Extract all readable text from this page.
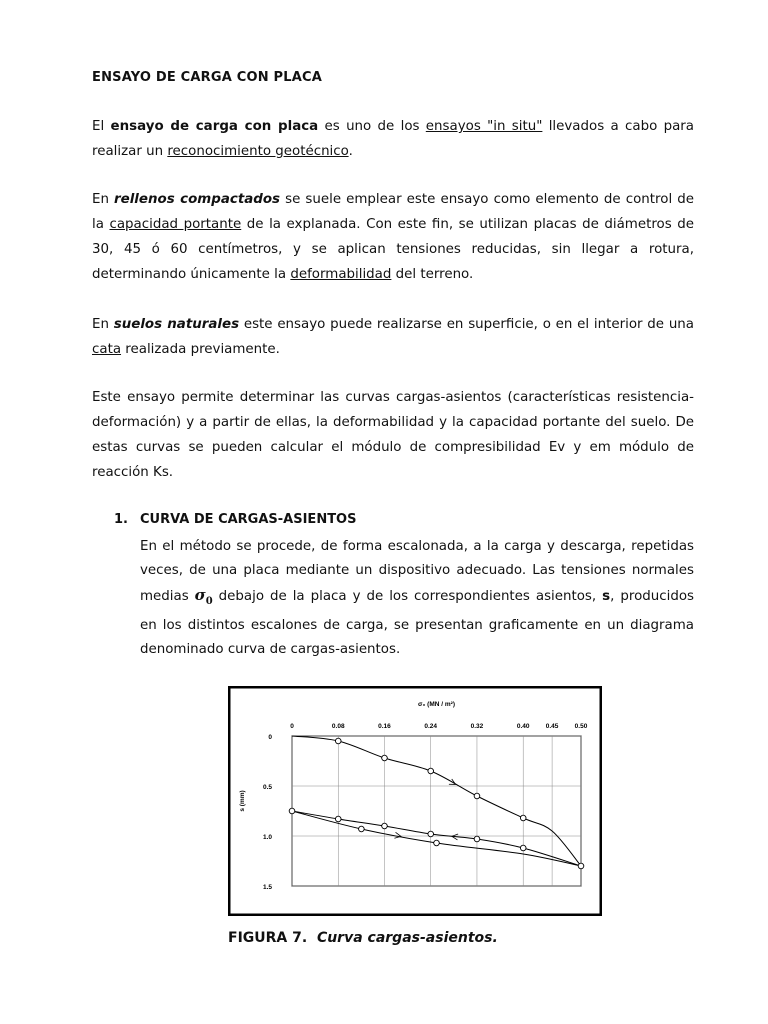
ENSAYO DE CARGA CON PLACA
El ensayo de carga con placa es uno de los ensayos "in situ" llevados a cabo para realizar un reconocimiento geotécnico.
En rellenos compactados se suele emplear este ensayo como elemento de control de la capacidad portante de la explanada. Con este fin, se utilizan placas de diámetros de 30, 45 ó 60 centímetros, y se aplican tensiones reducidas, sin llegar a rotura, determinando únicamente la deformabilidad del terreno.
En suelos naturales este ensayo puede realizarse en superficie, o en el interior de una cata realizada previamente.
Este ensayo permite determinar las curvas cargas-asientos (características resistencia-deformación) y a partir de ellas, la deformabilidad y la capacidad portante del suelo. De estas curvas se pueden calcular el módulo de compresibilidad Ev y em módulo de reacción Ks.
1. CURVA DE CARGAS-ASIENTOS
En el método se procede, de forma escalonada, a la carga y descarga, repetidas veces, de una placa mediante un dispositivo adecuado. Las tensiones normales medias $\sigma_0$ debajo de la placa y de los correspondientes asientos, s, producidos en los distintos escalones de carga, se presentan graficamente en un diagrama denominado curva de cargas-asientos.
0	0.08	0.16	0.24	0.32	0.40 0.45 0.50
0
0.5
1.0
1.5
σ₀ (MN / m²)
s (mm)
FIGURA 7. Curva cargas-asientos.
